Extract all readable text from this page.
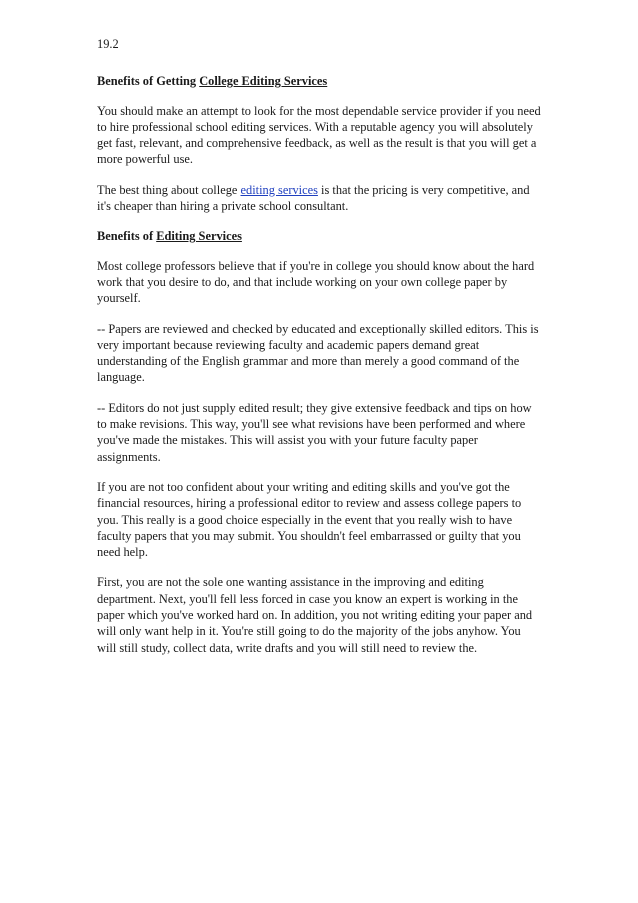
19.2
Benefits of Getting College Editing Services

You should make an attempt to look for the most dependable service provider if you need to hire professional school editing services. With a reputable agency you will absolutely get fast, relevant, and comprehensive feedback, as well as the result is that you will get a more powerful use.

The best thing about college editing services is that the pricing is very competitive, and it's cheaper than hiring a private school consultant.

Benefits of Editing Services

Most college professors believe that if you're in college you should know about the hard work that you desire to do, and that include working on your own college paper by yourself.

-- Papers are reviewed and checked by educated and exceptionally skilled editors. This is very important because reviewing faculty and academic papers demand great understanding of the English grammar and more than merely a good command of the language.

-- Editors do not just supply edited result; they give extensive feedback and tips on how to make revisions. This way, you'll see what revisions have been performed and where you've made the mistakes. This will assist you with your future faculty paper assignments.

If you are not too confident about your writing and editing skills and you've got the financial resources, hiring a professional editor to review and assess college papers to you. This really is a good choice especially in the event that you really wish to have faculty papers that you may submit. You shouldn't feel embarrassed or guilty that you need help.

First, you are not the sole one wanting assistance in the improving and editing department. Next, you'll fell less forced in case you know an expert is working in the paper which you've worked hard on. In addition, you not writing editing your paper and will only want help in it. You're still going to do the majority of the jobs anyhow. You will still study, collect data, write drafts and you will still need to review the.
